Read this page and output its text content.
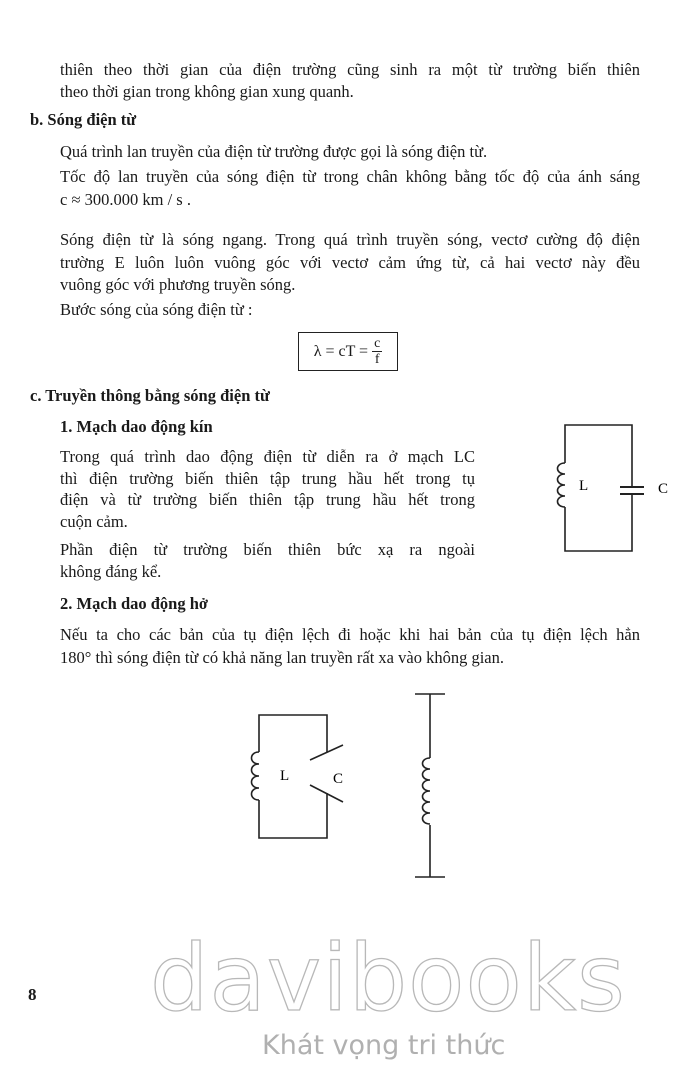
thiên theo thời gian của điện trường cũng sinh ra một từ trường biến thiên
theo thời gian trong không gian xung quanh.
b. Sóng điện từ
Quá trình lan truyền của điện từ trường được gọi là sóng điện từ.
Tốc độ lan truyền của sóng điện từ trong chân không bằng tốc độ của ánh sáng
c ≈ 300.000 km / s .
Sóng điện từ là sóng ngang. Trong quá trình truyền sóng, vectơ cường độ điện
trường E luôn luôn vuông góc với vectơ cảm ứng từ, cả hai vectơ này đều
vuông góc với phương truyền sóng.
Bước sóng của sóng điện từ :
λ = cT = $\frac{c}{f}$
c. Truyền thông bằng sóng điện từ
1. Mạch dao động kín
Trong quá trình dao động điện từ diễn ra ở mạch LC
thì điện trường biến thiên tập trung hầu hết trong tụ
điện và từ trường biến thiên tập trung hầu hết trong
cuộn cảm.
Phần điện từ trường biến thiên bức xạ ra ngoài
không đáng kể.
2. Mạch dao động hở
Nếu ta cho các bản của tụ điện lệch đi hoặc khi hai bản của tụ điện lệch hẳn
180° thì sóng điện từ có khả năng lan truyền rất xa vào không gian.
L	C
L	C
8 davibooks
Khát vọng tri thức
